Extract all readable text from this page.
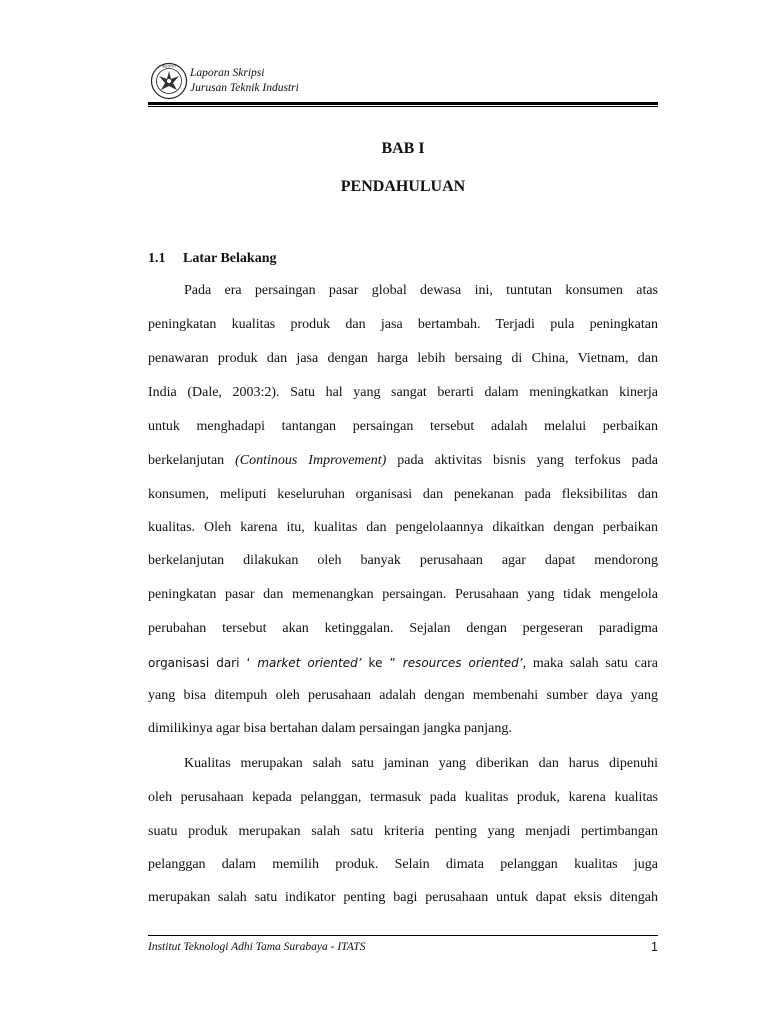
INSTITUT
Laporan Skripsi
Jurusan Teknik Industri
BAB I
PENDAHULUAN
1.1 Latar Belakang
Pada era persaingan pasar global dewasa ini, tuntutan konsumen atas
peningkatan kualitas produk dan jasa bertambah. Terjadi pula peningkatan
penawaran produk dan jasa dengan harga lebih bersaing di China, Vietnam, dan
India (Dale, 2003:2). Satu hal yang sangat berarti dalam meningkatkan kinerja
untuk menghadapi tantangan persaingan tersebut adalah melalui perbaikan
berkelanjutan (Continous Improvement) pada aktivitas bisnis yang terfokus pada
konsumen, meliputi keseluruhan organisasi dan penekanan pada fleksibilitas dan
kualitas. Oleh karena itu, kualitas dan pengelolaannya dikaitkan dengan perbaikan
berkelanjutan dilakukan oleh banyak perusahaan agar dapat mendorong
peningkatan pasar dan memenangkan persaingan. Perusahaan yang tidak mengelola
perubahan tersebut akan ketinggalan. Sejalan dengan pergeseran paradigma
organisasi dari ‘ market oriented’ ke ” resources oriented’, maka salah satu cara
yang bisa ditempuh oleh perusahaan adalah dengan membenahi sumber daya yang
dimilikinya agar bisa bertahan dalam persaingan jangka panjang.
Kualitas merupakan salah satu jaminan yang diberikan dan harus dipenuhi
oleh perusahaan kepada pelanggan, termasuk pada kualitas produk, karena kualitas
suatu produk merupakan salah satu kriteria penting yang menjadi pertimbangan
pelanggan dalam memilih produk. Selain dimata pelanggan kualitas juga
merupakan salah satu indikator penting bagi perusahaan untuk dapat eksis ditengah
Institut Teknologi Adhi Tama Surabaya - ITATS	1
